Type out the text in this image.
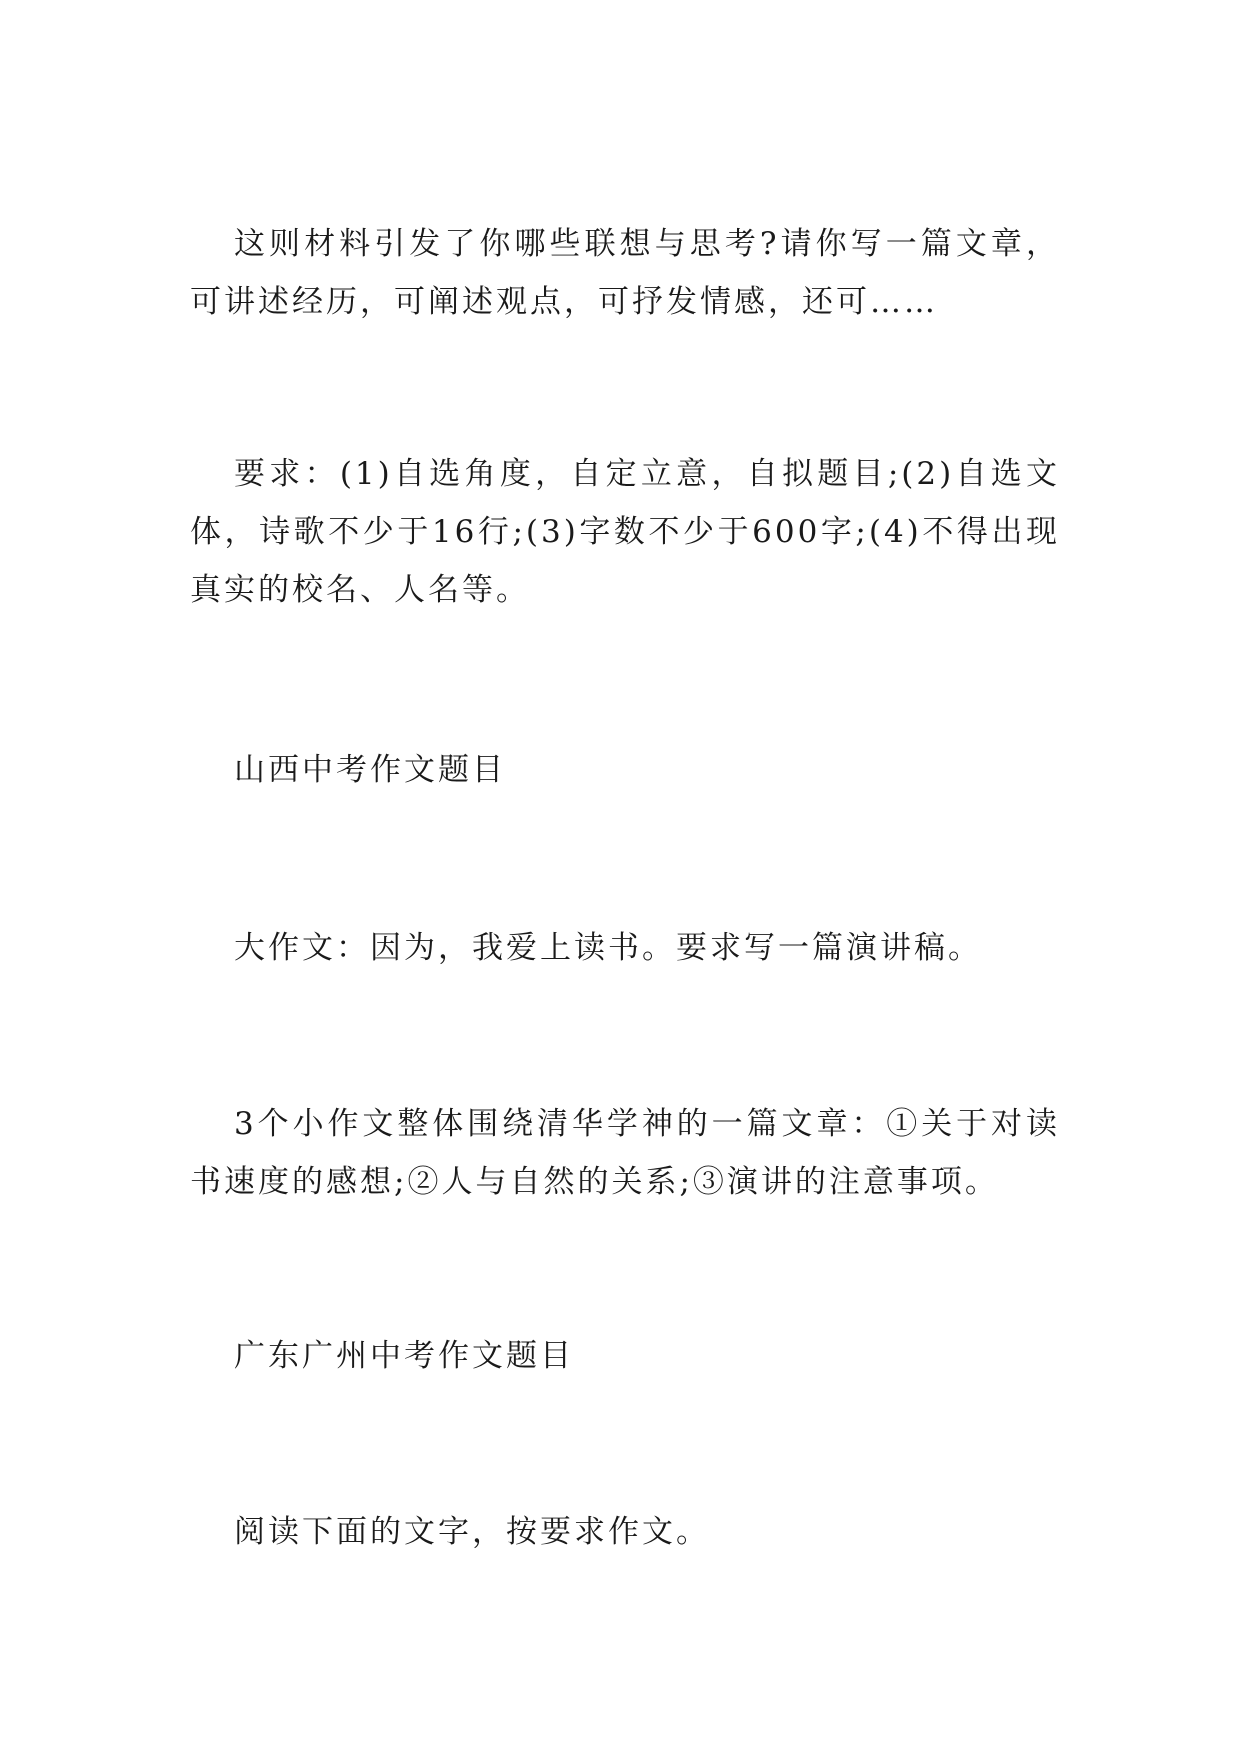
这则材料引发了你哪些联想与思考?请你写一篇文章，可讲述经历，可阐述观点，可抒发情感，还可……

要求：(1)自选角度，自定立意，自拟题目;(2)自选文体，诗歌不少于16行;(3)字数不少于600字;(4)不得出现真实的校名、人名等。

山西中考作文题目

大作文：因为，我爱上读书。要求写一篇演讲稿。

3个小作文整体围绕清华学神的一篇文章：①关于对读书速度的感想;②人与自然的关系;③演讲的注意事项。

广东广州中考作文题目

阅读下面的文字，按要求作文。
